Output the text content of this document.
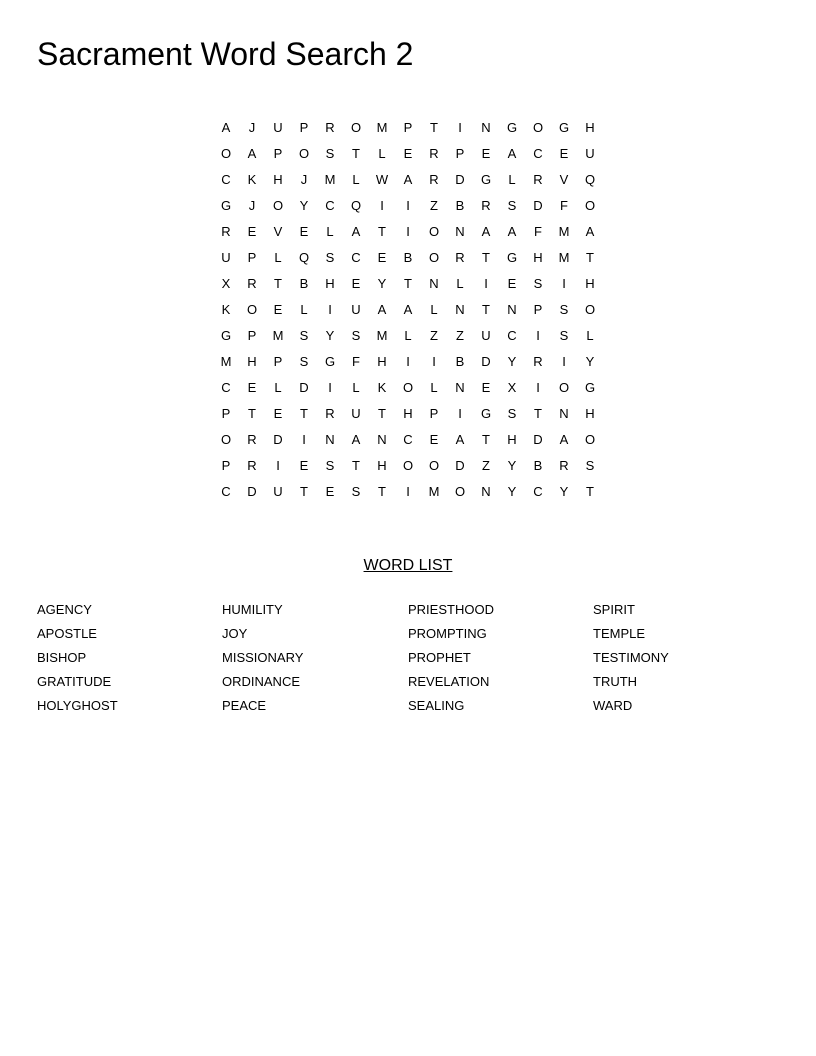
Sacrament Word Search 2
A	J	U	P	R	O	M	P	T	I	N	G	O	G	H
O	A	P	O	S	T	L	E	R	P	E	A	C	E	U
C	K	H	J	M	L	W	A	R	D	G	L	R	V	Q
G	J	O	Y	C	Q	I	I	Z	B	R	S	D	F	O
R	E	V	E	L	A	T	I	O	N	A	A	F	M	A
U	P	L	Q	S	C	E	B	O	R	T	G	H	M	T
X	R	T	B	H	E	Y	T	N	L	I	E	S	I	H
K	O	E	L	I	U	A	A	L	N	T	N	P	S	O
G	P	M	S	Y	S	M	L	Z	Z	U	C	I	S	L
M	H	P	S	G	F	H	I	I	B	D	Y	R	I	Y
C	E	L	D	I	L	K	O	L	N	E	X	I	O	G
P	T	E	T	R	U	T	H	P	I	G	S	T	N	H
O	R	D	I	N	A	N	C	E	A	T	H	D	A	O
P	R	I	E	S	T	H	O	O	D	Z	Y	B	R	S
C	D	U	T	E	S	T	I	M	O	N	Y	C	Y	T
WORD LIST
AGENCY
APOSTLE
BISHOP
GRATITUDE
HOLYGHOST
HUMILITY
JOY
MISSIONARY
ORDINANCE
PEACE
PRIESTHOOD
PROMPTING
PROPHET
REVELATION
SEALING
SPIRIT
TEMPLE
TESTIMONY
TRUTH
WARD
